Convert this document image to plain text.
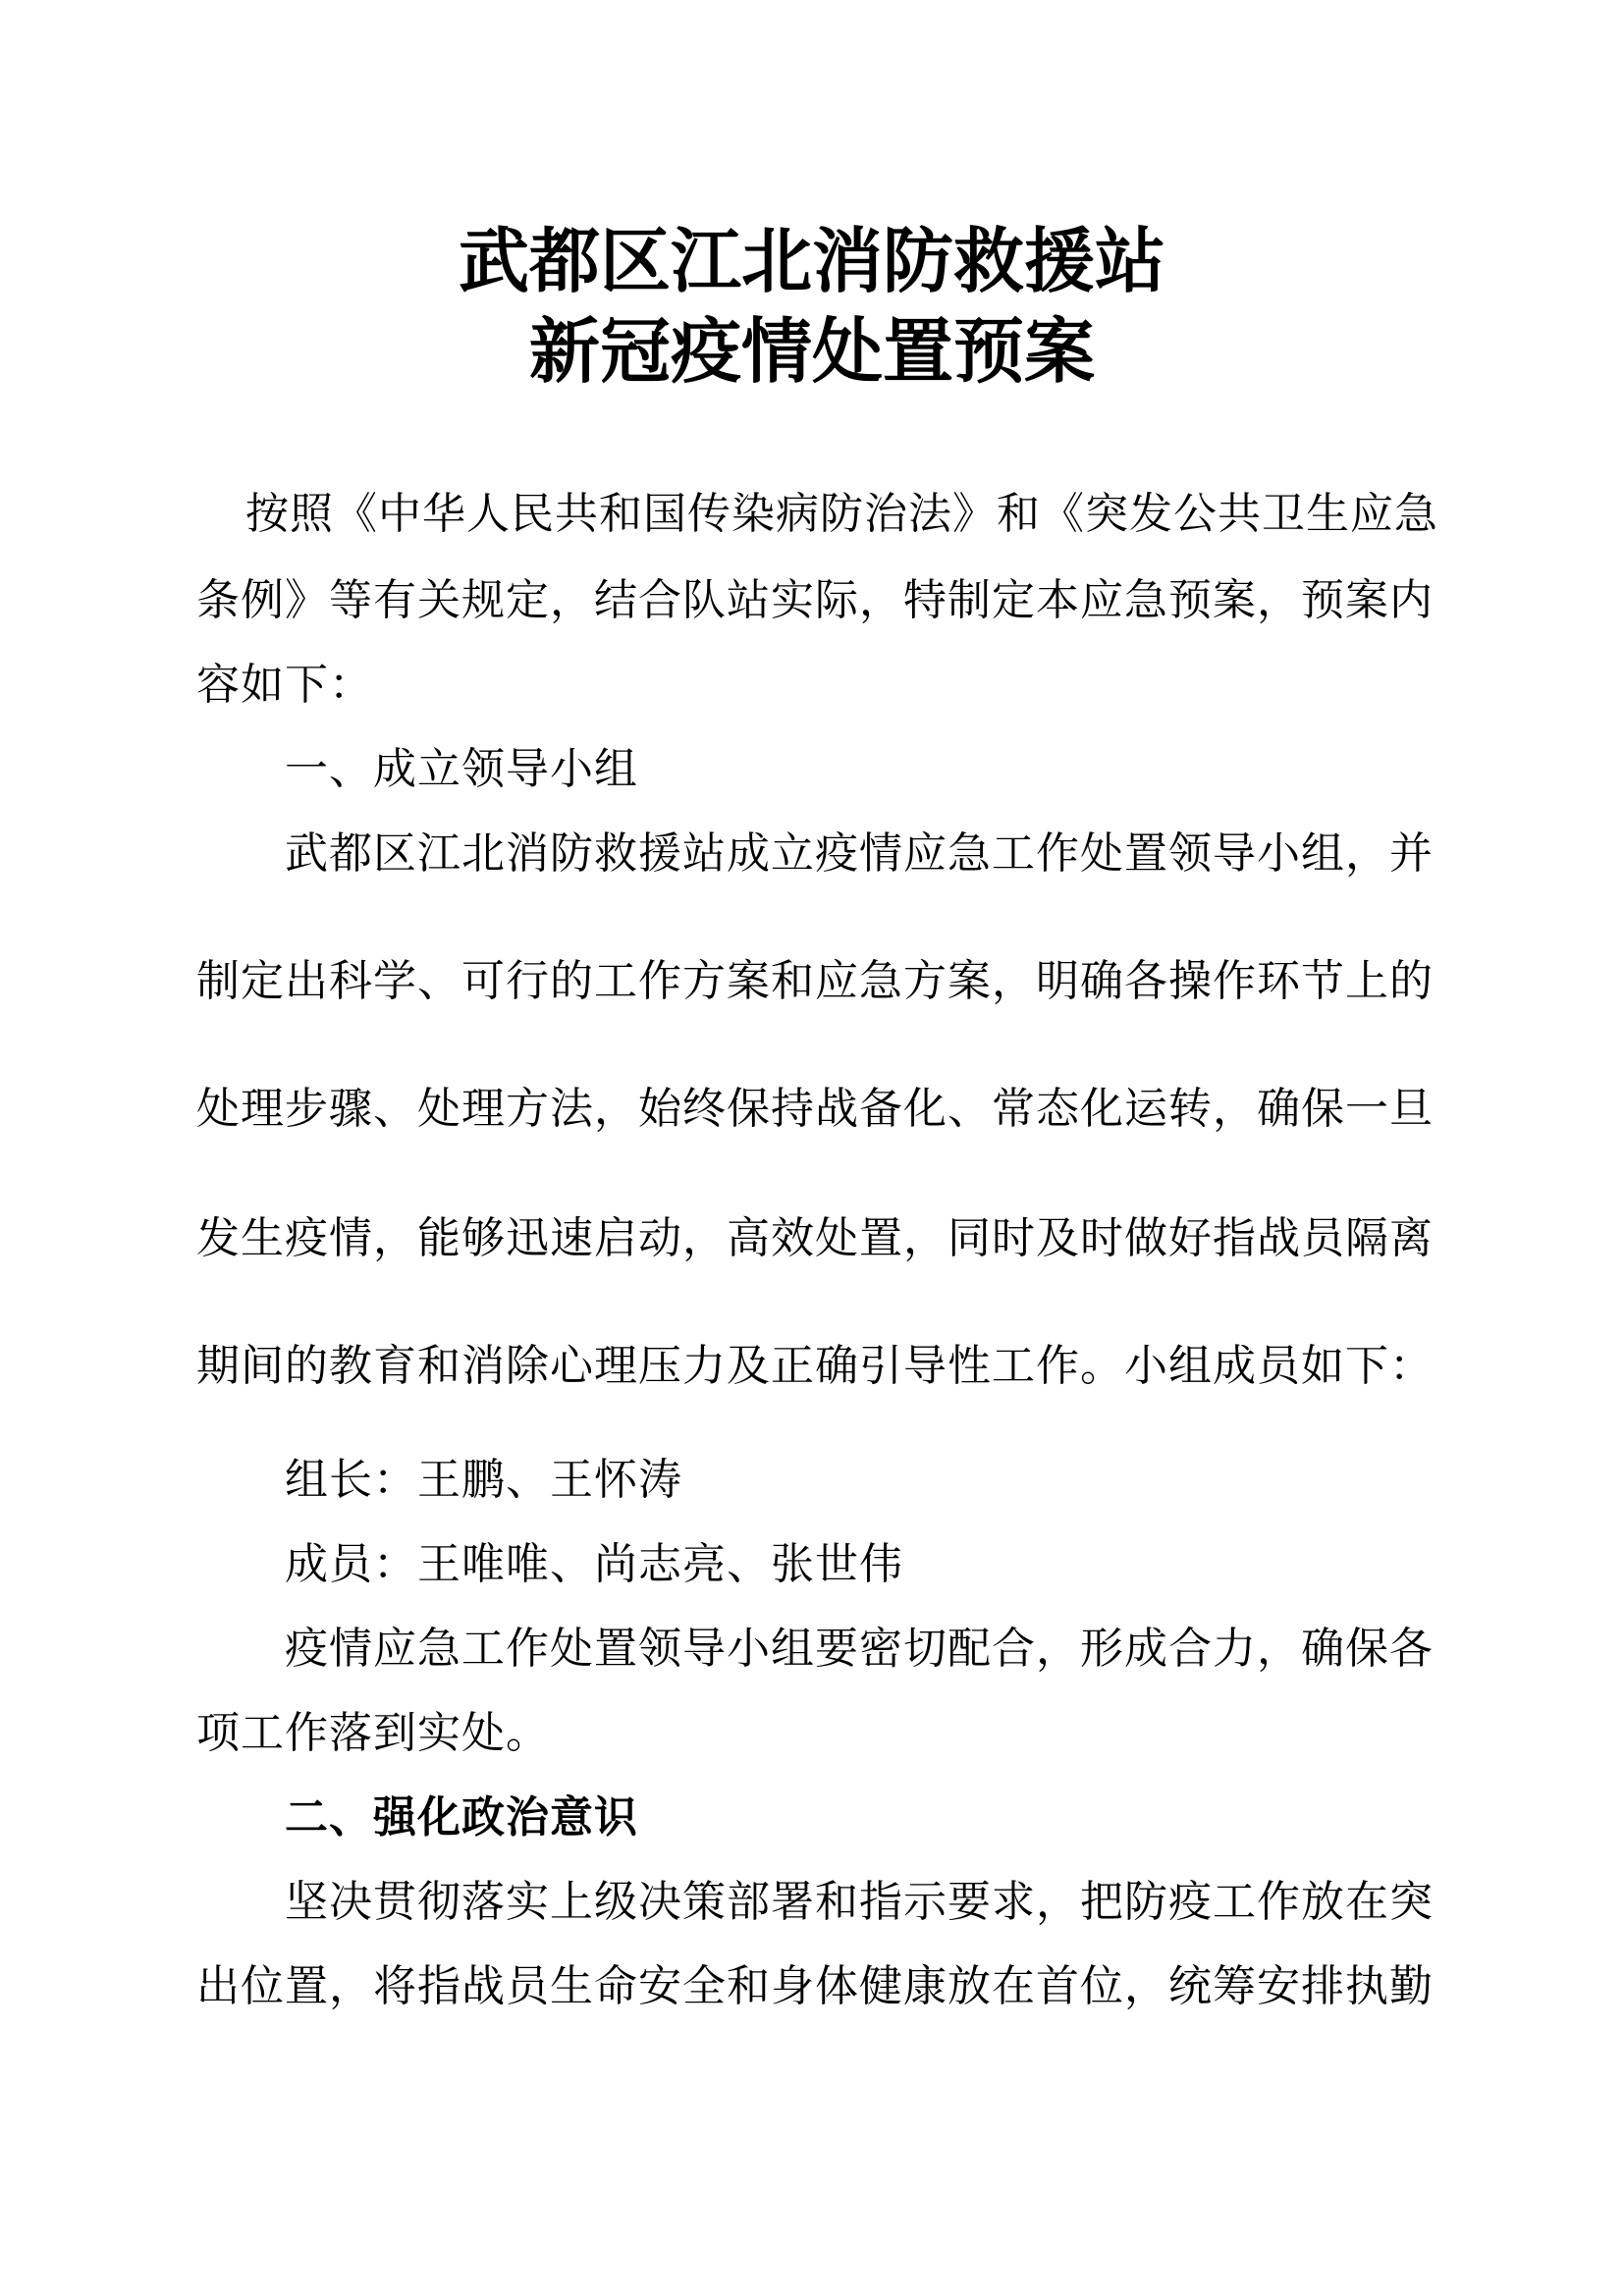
武都区江北消防救援站
新冠疫情处置预案
按照《中华人民共和国传染病防治法》和《突发公共卫生应急
条例》等有关规定，结合队站实际，特制定本应急预案，预案内
容如下：
一、成立领导小组
武都区江北消防救援站成立疫情应急工作处置领导小组，并
制定出科学、可行的工作方案和应急方案，明确各操作环节上的
处理步骤、处理方法，始终保持战备化、常态化运转，确保一旦
发生疫情，能够迅速启动，高效处置，同时及时做好指战员隔离
期间的教育和消除心理压力及正确引导性工作。小组成员如下：
组长：王鹏、王怀涛
成员：王唯唯、尚志亮、张世伟
疫情应急工作处置领导小组要密切配合，形成合力，确保各
项工作落到实处。
二、强化政治意识
坚决贯彻落实上级决策部署和指示要求，把防疫工作放在突
出位置，将指战员生命安全和身体健康放在首位，统筹安排执勤
